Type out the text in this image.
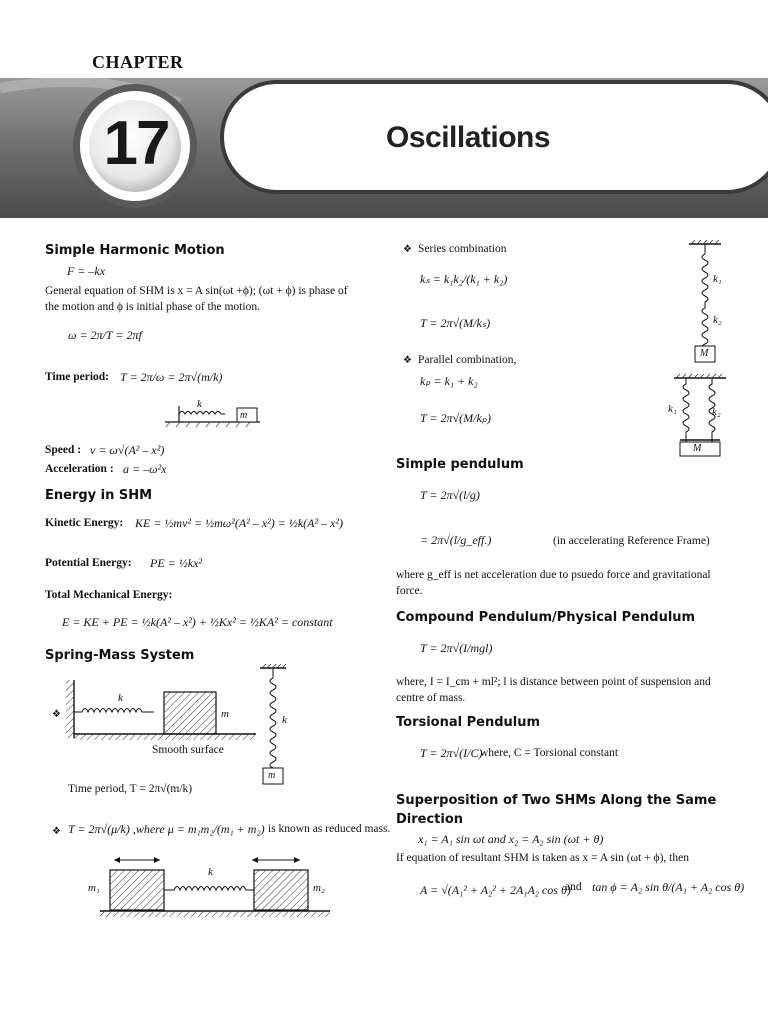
CHAPTER
17	Oscillations
Simple Harmonic Motion
F = –kx
General equation of SHM is x = A sin(ωt +ϕ); (ωt + ϕ) is phase of
the motion and ϕ is initial phase of the motion.
ω = 2π/T = 2πf
Time period: T = 2π/ω = 2π√(m/k)
k
m
Speed : v = ω√(A² – x²)
Acceleration : a = –ω²x
Energy in SHM
Kinetic Energy: KE = ½mv² = ½mω²(A² – x²) = ½k(A² – x²)
Potential Energy: PE = ½kx²
Total Mechanical Energy:
E = KE + PE = ½k(A² – x²) + ½Kx² = ½KA² = constant
Spring-Mass System
❖
k
m
Smooth surface
k
m
Time period, T = 2π√(m/k)
❖ T = 2π√(μ/k) ,where μ = m₁m₂/(m₁ + m₂) is known as reduced mass.
k
m₁	m₂
❖ Series combination
kₛ = k₁k₂/(k₁ + k₂)
T = 2π√(M/kₛ)
k₁
k₂
M
❖ Parallel combination,
kₚ = k₁ + k₂
T = 2π√(M/kₚ)
k₁	k₂
M
Simple pendulum
T = 2π√(l/g)
= 2π√(l/g_eff.)	(in accelerating Reference Frame)
where g_eff is net acceleration due to psuedo force and gravitational
force.
Compound Pendulum/Physical Pendulum
T = 2π√(I/mgl)
where, I = I_cm + ml²; l is distance between point of suspension and
centre of mass.
Torsional Pendulum
T = 2π√(I/C)
where, C = Torsional constant
Superposition of Two SHMs Along the Same
Direction
x₁ = A₁ sin ωt and x₂ = A₂ sin (ωt + θ)
If equation of resultant SHM is taken as x = A sin (ωt + ϕ), then
A = √(A₁² + A₂² + 2A₁A₂ cos θ)
and tan ϕ = A₂ sin θ/(A₁ + A₂ cos θ)
